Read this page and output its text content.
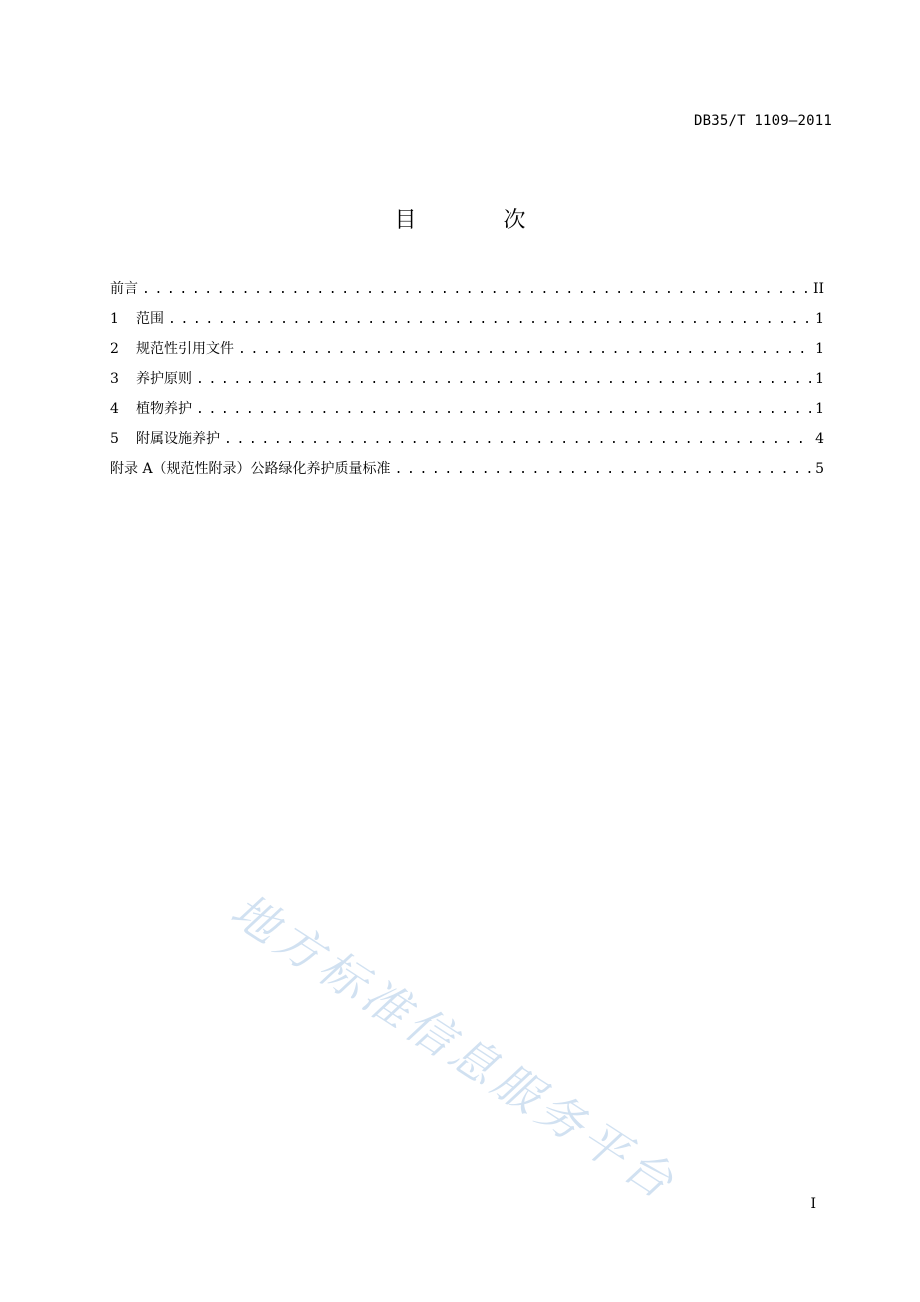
DB35/T 1109—2011
目 次
前言 . . .	II
1 范围 . . .	1
2 规范性引用文件 . . .	1
3 养护原则 . . .	1
4 植物养护 . . .	1
5 附属设施养护 . . .	4
附录 A（规范性附录）公路绿化养护质量标准 . . .	5
地方标准信息服务平台	I
